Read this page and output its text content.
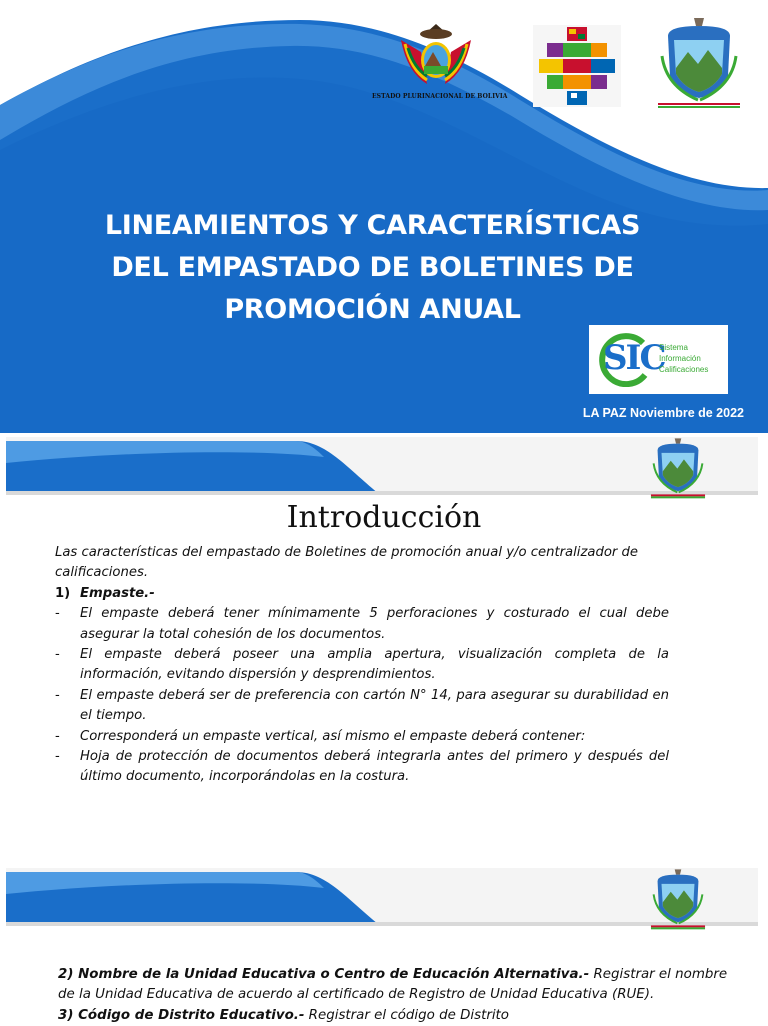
ESTADO PLURINACIONAL DE BOLIVIA
LINEAMIENTOS Y CARACTERÍSTICAS
DEL EMPASTADO DE BOLETINES DE
PROMOCIÓN ANUAL
SIC
Sistema
Información
Calificaciones
LA PAZ Noviembre de 2022
Introducción

Las características del empastado de Boletines de promoción anual y/o centralizador de calificaciones.

1) Empaste.-
-	El empaste deberá tener mínimamente 5 perforaciones y costurado el cual debe asegurar la total cohesión de los documentos.
-	El empaste deberá poseer una amplia apertura, visualización completa de la información, evitando dispersión y desprendimientos.
-	El empaste deberá ser de preferencia con cartón N° 14, para asegurar su durabilidad en el tiempo.
-	Corresponderá un empaste vertical, así mismo el empaste deberá contener:
-	Hoja de protección de documentos deberá integrarla antes del primero y después del último documento, incorporándolas en la costura.

2) Nombre de la Unidad Educativa o Centro de Educación Alternativa.- Registrar el nombre de la Unidad Educativa de acuerdo al certificado de Registro de Unidad Educativa (RUE).

3) Código de Distrito Educativo.- Registrar el código de Distrito
